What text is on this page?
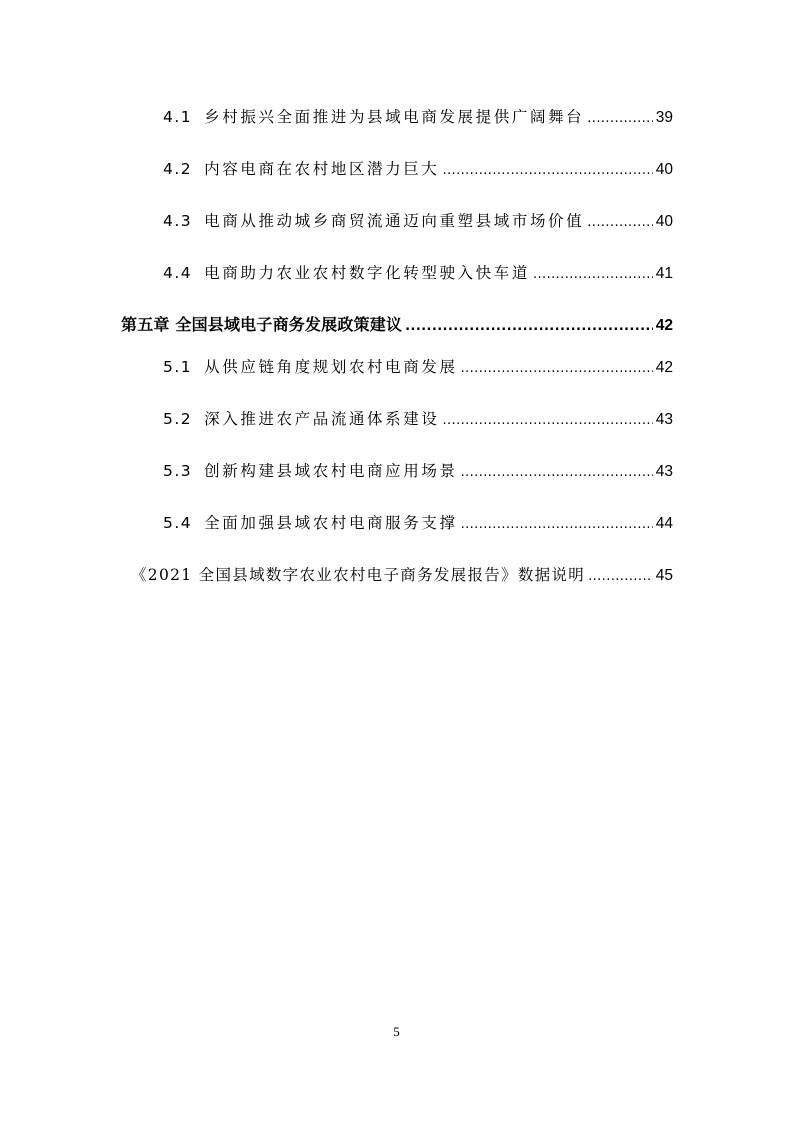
4.1 乡村振兴全面推进为县域电商发展提供广阔舞台 .....	39
4.2 内容电商在农村地区潜力巨大 .....	40
4.3 电商从推动城乡商贸流通迈向重塑县域市场价值 .....	40
4.4 电商助力农业农村数字化转型驶入快车道 .....	41
第五章 全国县域电子商务发展政策建议 .....	42
5.1 从供应链角度规划农村电商发展 .....	42
5.2 深入推进农产品流通体系建设 .....	43
5.3 创新构建县域农村电商应用场景 .....	43
5.4 全面加强县域农村电商服务支撑 .....	44
《2021 全国县域数字农业农村电子商务发展报告》数据说明 .....	45
5
